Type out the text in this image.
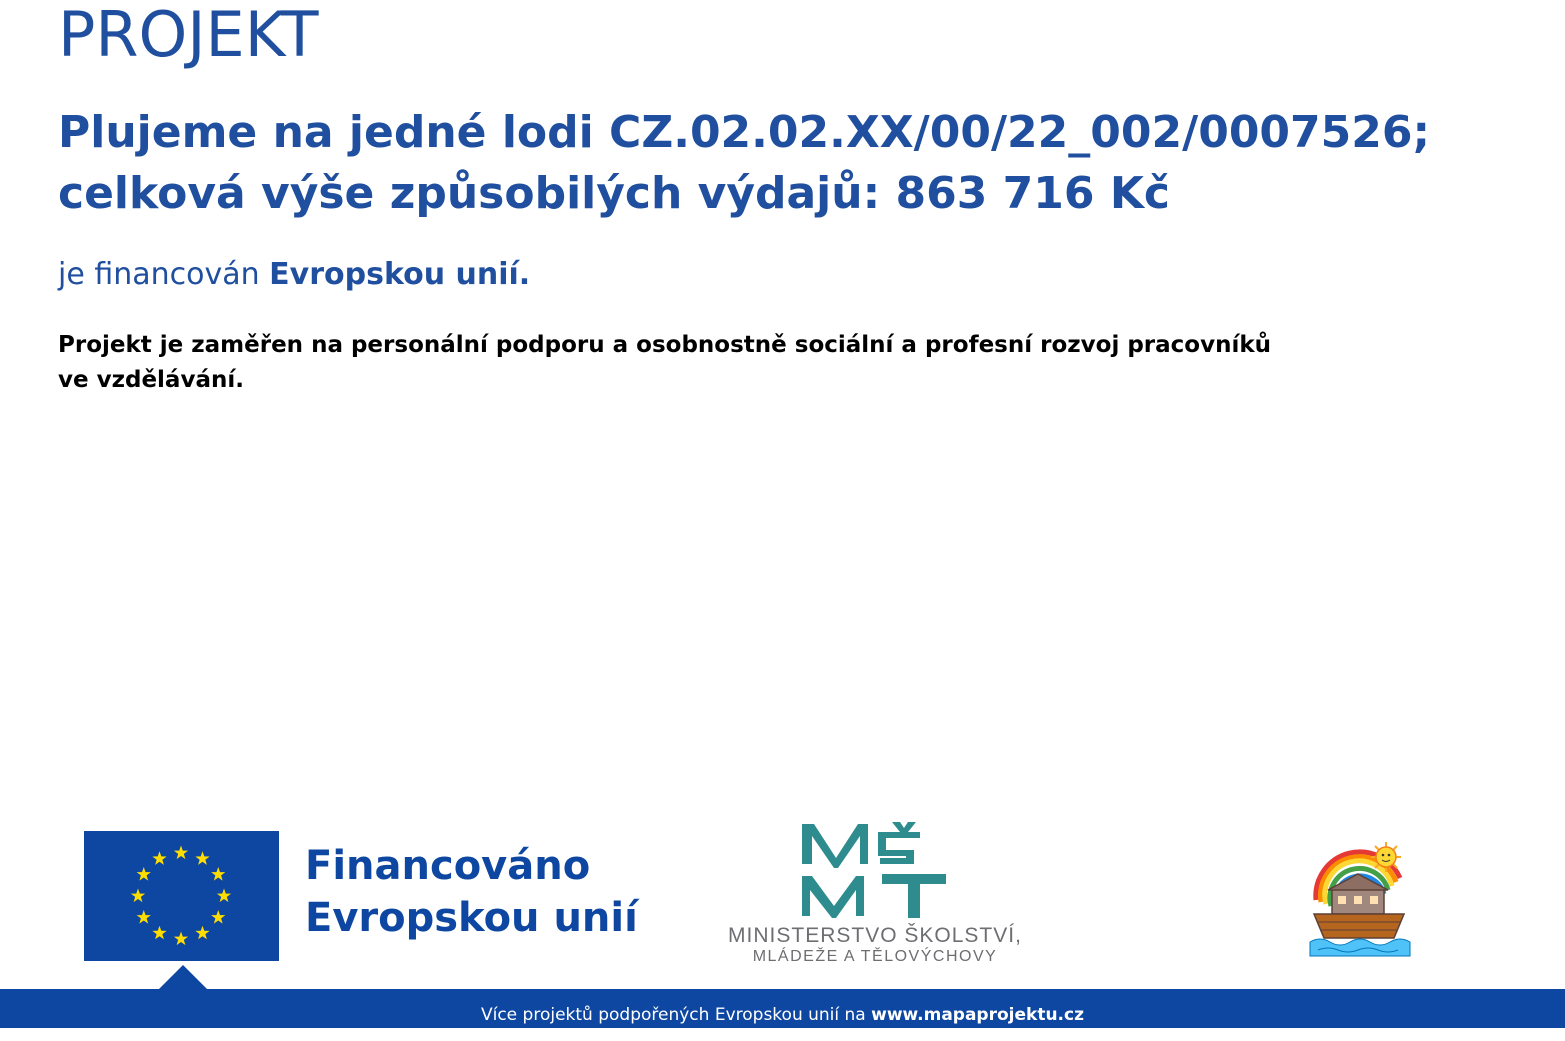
PROJEKT
Plujeme na jedné lodi CZ.02.02.XX/00/22_002/0007526;
celková výše způsobilých výdajů: 863 716 Kč

je financován Evropskou unií.

Projekt je zaměřen na personální podporu a osobnostně sociální a profesní rozvoj pracovníků
ve vzdělávání.

Financováno
Evropskou unií	MINISTERSTVO ŠKOLSTVÍ,
MLÁDEŽE A TĚLOVÝCHOVY
Více projektů podpořených Evropskou unií na www.mapaprojektu.cz
